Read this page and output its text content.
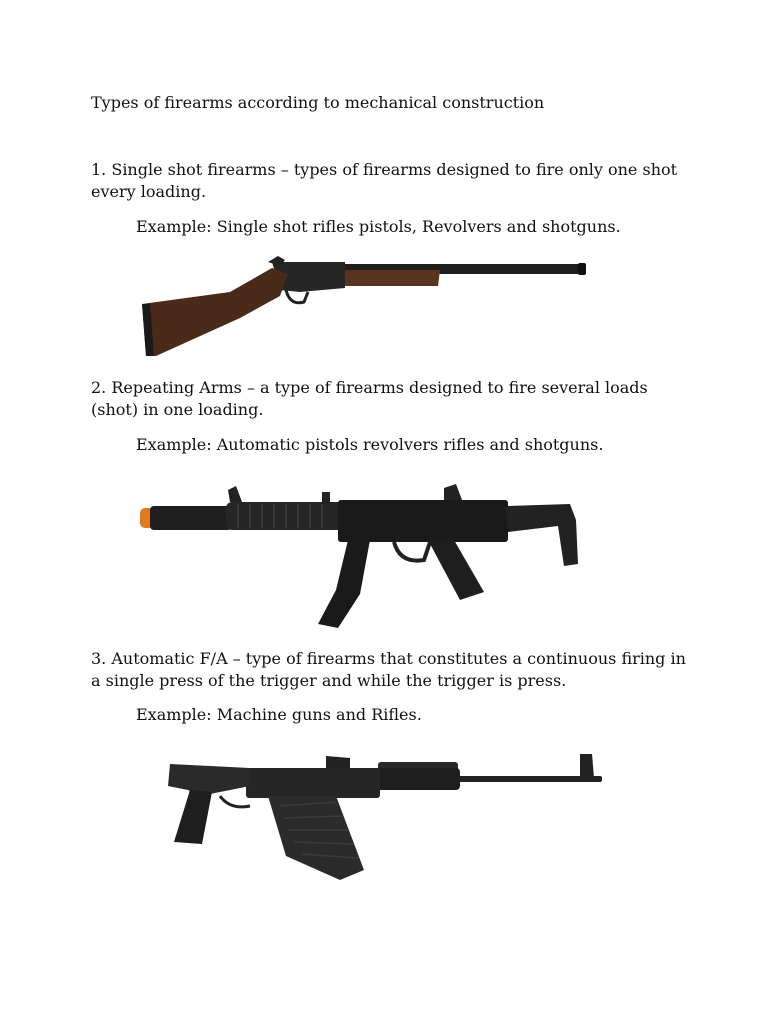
Types of firearms according to mechanical construction
1. Single shot firearms – types of firearms designed to fire only one shot every loading.
Example: Single shot rifles pistols, Revolvers and shotguns.
2. Repeating Arms – a type of firearms designed to fire several loads (shot) in one loading.
Example: Automatic pistols revolvers rifles and shotguns.
3. Automatic F/A – type of firearms that constitutes a continuous firing in a single press of the trigger and while the trigger is press.
Example: Machine guns and Rifles.
